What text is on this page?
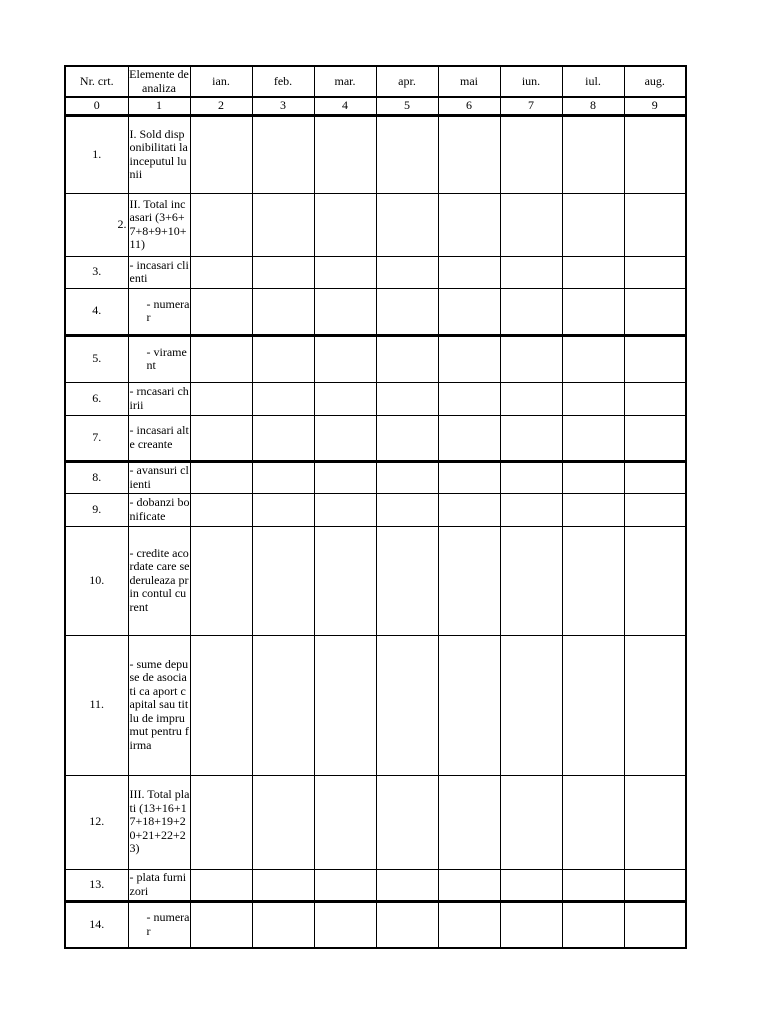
Nr. crt.	Elemente de analiza	ian.	feb.	mar.	apr.	mai	iun.	iul.	aug.
0	1	2	3	4	5	6	7	8	9
1.	I. Sold disponibilitati la inceputul lunii								
2.	II. Total incasari (3+6+7+8+9+10+11)								
3.	- incasari clienti								
4.	- numerar								
5.	- virament								
6.	- rncasari chirii								
7.	- incasari alte creante								
8.	- avansuri clienti								
9.	- dobanzi bonificate								
10.	- credite acordate care se deruleaza prin contul curent								
11.	- sume depuse de asociati ca aport capital sau titlu de imprumut pentru firma								
12.	III. Total plati (13+16+17+18+19+20+21+22+23)								
13.	- plata furnizori								
14.	- numerar								
